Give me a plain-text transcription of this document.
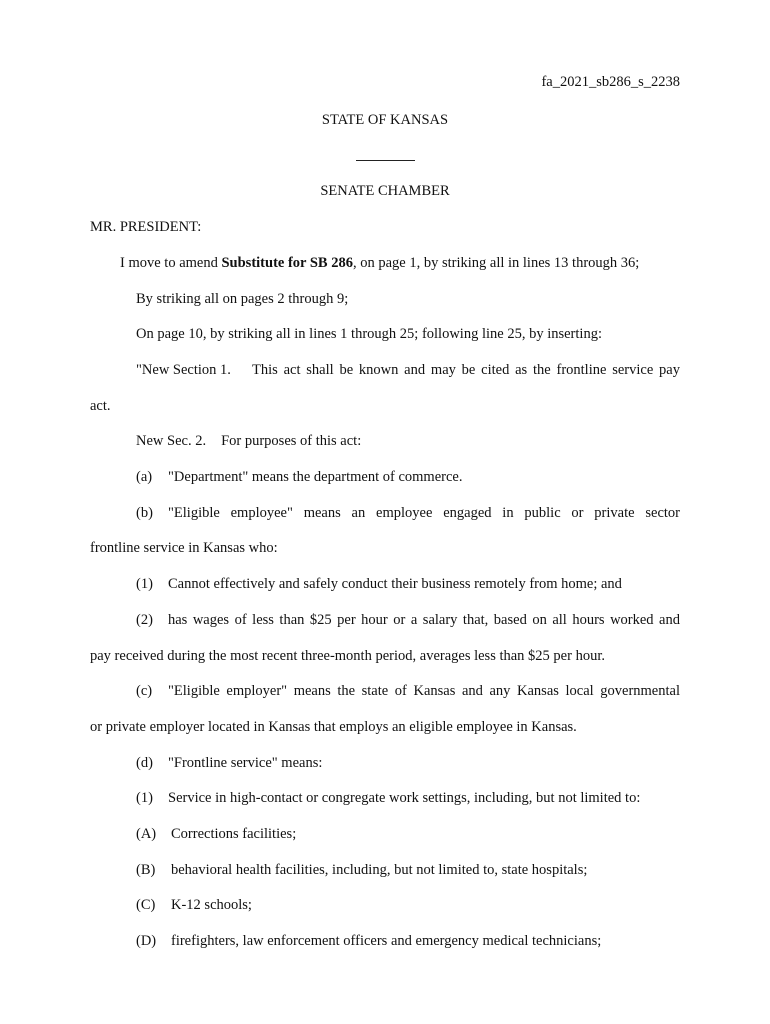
fa_2021_sb286_s_2238
STATE OF KANSAS
SENATE CHAMBER
MR. PRESIDENT:
I move to amend Substitute for SB 286, on page 1, by striking all in lines 13 through 36;
By striking all on pages 2 through 9;
On page 10, by striking all in lines 1 through 25; following line 25, by inserting:
"New Section 1. This act shall be known and may be cited as the frontline service pay
act.
New Sec. 2. For purposes of this act:
(a) "Department" means the department of commerce.
(b) "Eligible employee" means an employee engaged in public or private sector
frontline service in Kansas who:
(1) Cannot effectively and safely conduct their business remotely from home; and
(2) has wages of less than $25 per hour or a salary that, based on all hours worked and
pay received during the most recent three-month period, averages less than $25 per hour.
(c) "Eligible employer" means the state of Kansas and any Kansas local governmental
or private employer located in Kansas that employs an eligible employee in Kansas.
(d) "Frontline service" means:
(1) Service in high-contact or congregate work settings, including, but not limited to:
(A) Corrections facilities;
(B) behavioral health facilities, including, but not limited to, state hospitals;
(C) K-12 schools;
(D) firefighters, law enforcement officers and emergency medical technicians;
